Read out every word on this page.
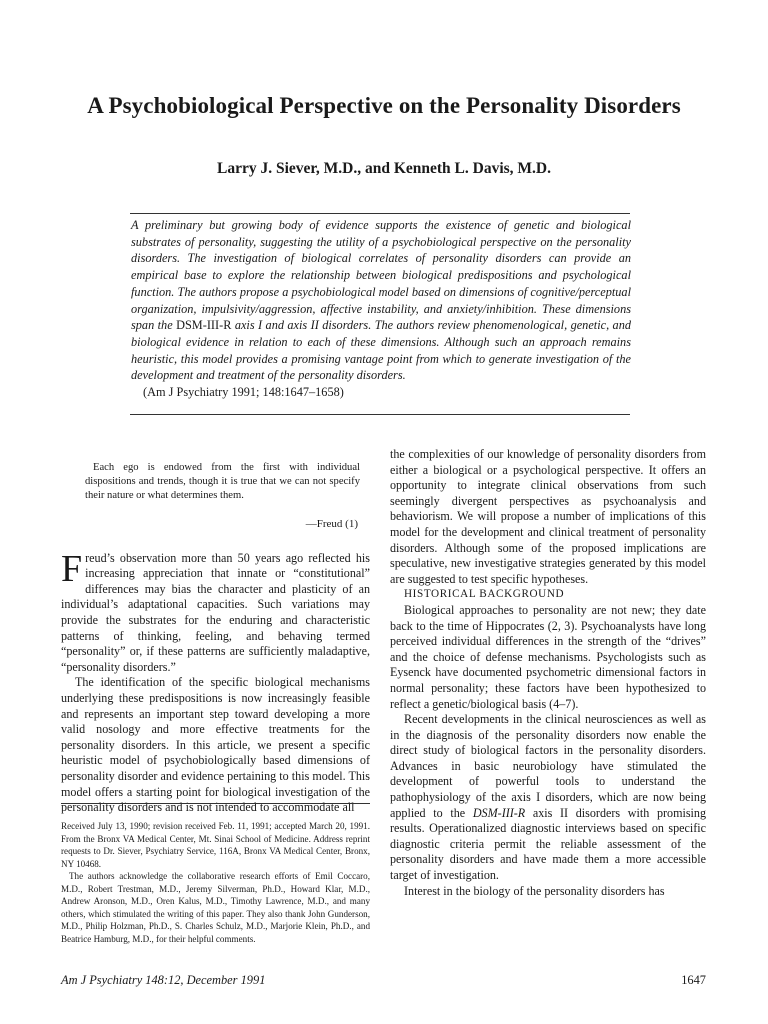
A Psychobiological Perspective on the Personality Disorders
Larry J. Siever, M.D., and Kenneth L. Davis, M.D.
A preliminary but growing body of evidence supports the existence of genetic and biological substrates of personality, suggesting the utility of a psychobiological perspective on the personality disorders. The investigation of biological correlates of personality disorders can provide an empirical base to explore the relationship between biological predispositions and psychological function. The authors propose a psychobiological model based on dimensions of cognitive/perceptual organization, impulsivity/aggression, affective instability, and anxiety/inhibition. These dimensions span the DSM-III-R axis I and axis II disorders. The authors review phenomenological, genetic, and biological evidence in relation to each of these dimensions. Although such an approach remains heuristic, this model provides a promising vantage point from which to generate investigation of the development and treatment of the personality disorders.
(Am J Psychiatry 1991; 148:1647–1658)
Each ego is endowed from the first with individual dispositions and trends, though it is true that we can not specify their nature or what determines them.
—Freud (1)

Freud’s observation more than 50 years ago reflected his increasing appreciation that innate or “constitutional” differences may bias the character and plasticity of an individual’s adaptational capacities. Such variations may provide the substrates for the enduring and characteristic patterns of thinking, feeling, and behaving termed “personality” or, if these patterns are sufficiently maladaptive, “personality disorders.”

The identification of the specific biological mechanisms underlying these predispositions is now increasingly feasible and represents an important step toward developing a more valid nosology and more effective treatments for the personality disorders. In this article, we present a specific heuristic model of psychobiologically based dimensions of personality disorder and evidence pertaining to this model. This model offers a starting point for biological investigation of the personality disorders and is not intended to accommodate all

Received July 13, 1990; revision received Feb. 11, 1991; accepted March 20, 1991. From the Bronx VA Medical Center, Mt. Sinai School of Medicine. Address reprint requests to Dr. Siever, Psychiatry Service, 116A, Bronx VA Medical Center, Bronx, NY 10468.

The authors acknowledge the collaborative research efforts of Emil Coccaro, M.D., Robert Trestman, M.D., Jeremy Silverman, Ph.D., Howard Klar, M.D., Andrew Aronson, M.D., Oren Kalus, M.D., Timothy Lawrence, M.D., and many others, which stimulated the writing of this paper. They also thank John Gunderson, M.D., Philip Holzman, Ph.D., S. Charles Schulz, M.D., Marjorie Klein, Ph.D., and Beatrice Hamburg, M.D., for their helpful comments.

the complexities of our knowledge of personality disorders from either a biological or a psychological perspective. It offers an opportunity to integrate clinical observations from such seemingly divergent perspectives as psychoanalysis and behaviorism. We will propose a number of implications of this model for the development and clinical treatment of personality disorders. Although some of the proposed implications are speculative, new investigative strategies generated by this model are suggested to test specific hypotheses.

HISTORICAL BACKGROUND

Biological approaches to personality are not new; they date back to the time of Hippocrates (2, 3). Psychoanalysts have long perceived individual differences in the strength of the “drives” and the choice of defense mechanisms. Psychologists such as Eysenck have documented psychometric dimensional factors in normal personality; these factors have been hypothesized to reflect a genetic/biological basis (4–7).

Recent developments in the clinical neurosciences as well as in the diagnosis of the personality disorders now enable the direct study of biological factors in the personality disorders. Advances in basic neurobiology have stimulated the development of powerful tools to understand the pathophysiology of the axis I disorders, which are now being applied to the DSM-III-R axis II disorders with promising results. Operationalized diagnostic interviews based on specific diagnostic criteria permit the reliable assessment of the personality disorders and have made them a more accessible target of investigation.

Interest in the biology of the personality disorders has

Am J Psychiatry 148:12, December 1991	1647
